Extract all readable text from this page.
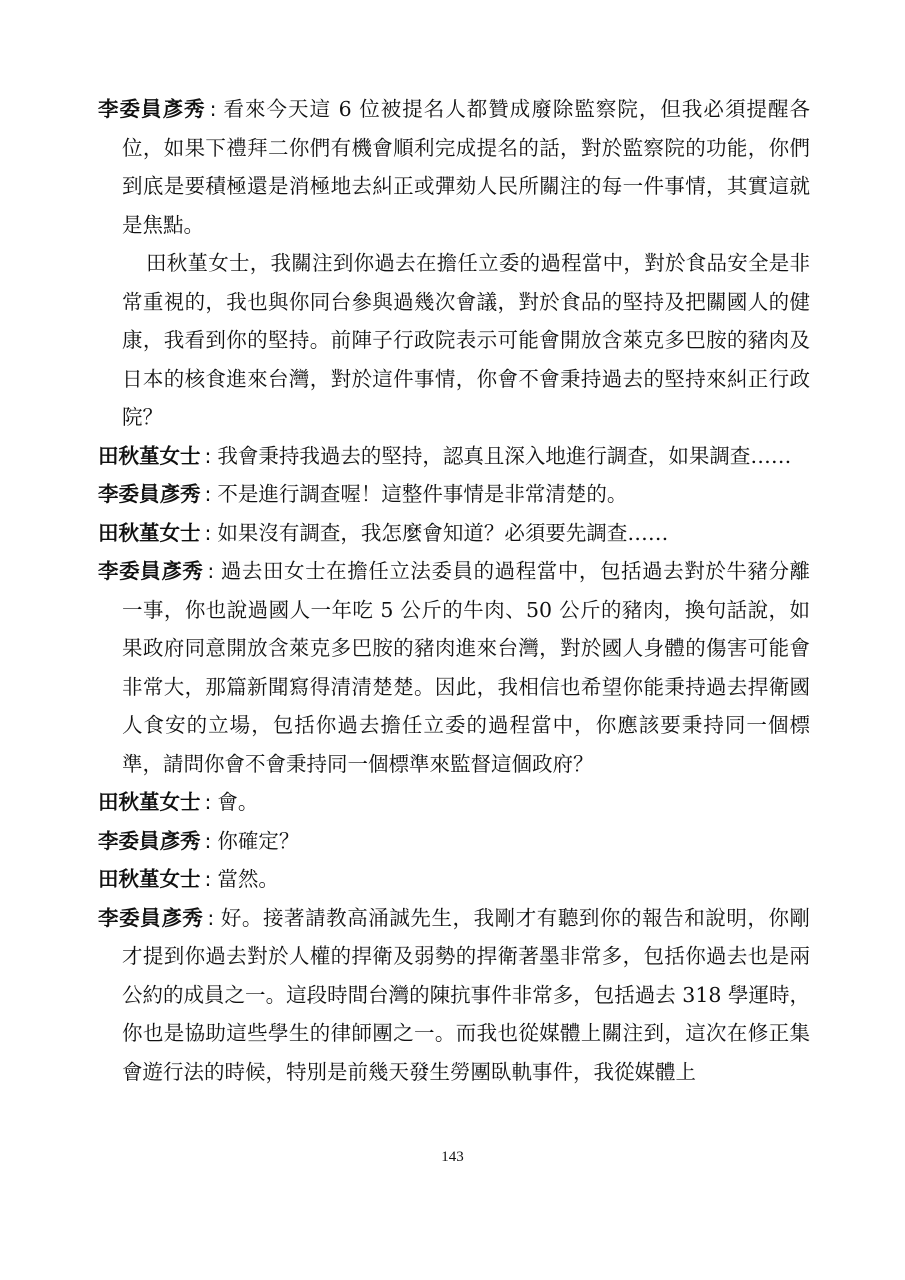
李委員彥秀 : 看來今天這 6 位被提名人都贊成廢除監察院，但我必須提醒各位，如果下禮拜二你們有機會順利完成提名的話，對於監察院的功能，你們到底是要積極還是消極地去糾正或彈劾人民所關注的每一件事情，其實這就是焦點。

田秋堇女士，我關注到你過去在擔任立委的過程當中，對於食品安全是非常重視的，我也與你同台參與過幾次會議，對於食品的堅持及把關國人的健康，我看到你的堅持。前陣子行政院表示可能會開放含萊克多巴胺的豬肉及日本的核食進來台灣，對於這件事情，你會不會秉持過去的堅持來糾正行政院？

田秋堇女士 : 我會秉持我過去的堅持，認真且深入地進行調查，如果調查……

李委員彥秀 : 不是進行調查喔！這整件事情是非常清楚的。

田秋堇女士 : 如果沒有調查，我怎麼會知道？必須要先調查……

李委員彥秀 : 過去田女士在擔任立法委員的過程當中，包括過去對於牛豬分離一事，你也說過國人一年吃 5 公斤的牛肉、50 公斤的豬肉，換句話說，如果政府同意開放含萊克多巴胺的豬肉進來台灣，對於國人身體的傷害可能會非常大，那篇新聞寫得清清楚楚。因此，我相信也希望你能秉持過去捍衛國人食安的立場，包括你過去擔任立委的過程當中，你應該要秉持同一個標準，請問你會不會秉持同一個標準來監督這個政府？

田秋堇女士 : 會。

李委員彥秀 : 你確定？

田秋堇女士 : 當然。

李委員彥秀 : 好。接著請教高涌誠先生，我剛才有聽到你的報告和說明，你剛才提到你過去對於人權的捍衛及弱勢的捍衛著墨非常多，包括你過去也是兩公約的成員之一。這段時間台灣的陳抗事件非常多，包括過去 318 學運時，你也是協助這些學生的律師團之一。而我也從媒體上關注到，這次在修正集會遊行法的時候，特別是前幾天發生勞團臥軌事件，我從媒體上

143
